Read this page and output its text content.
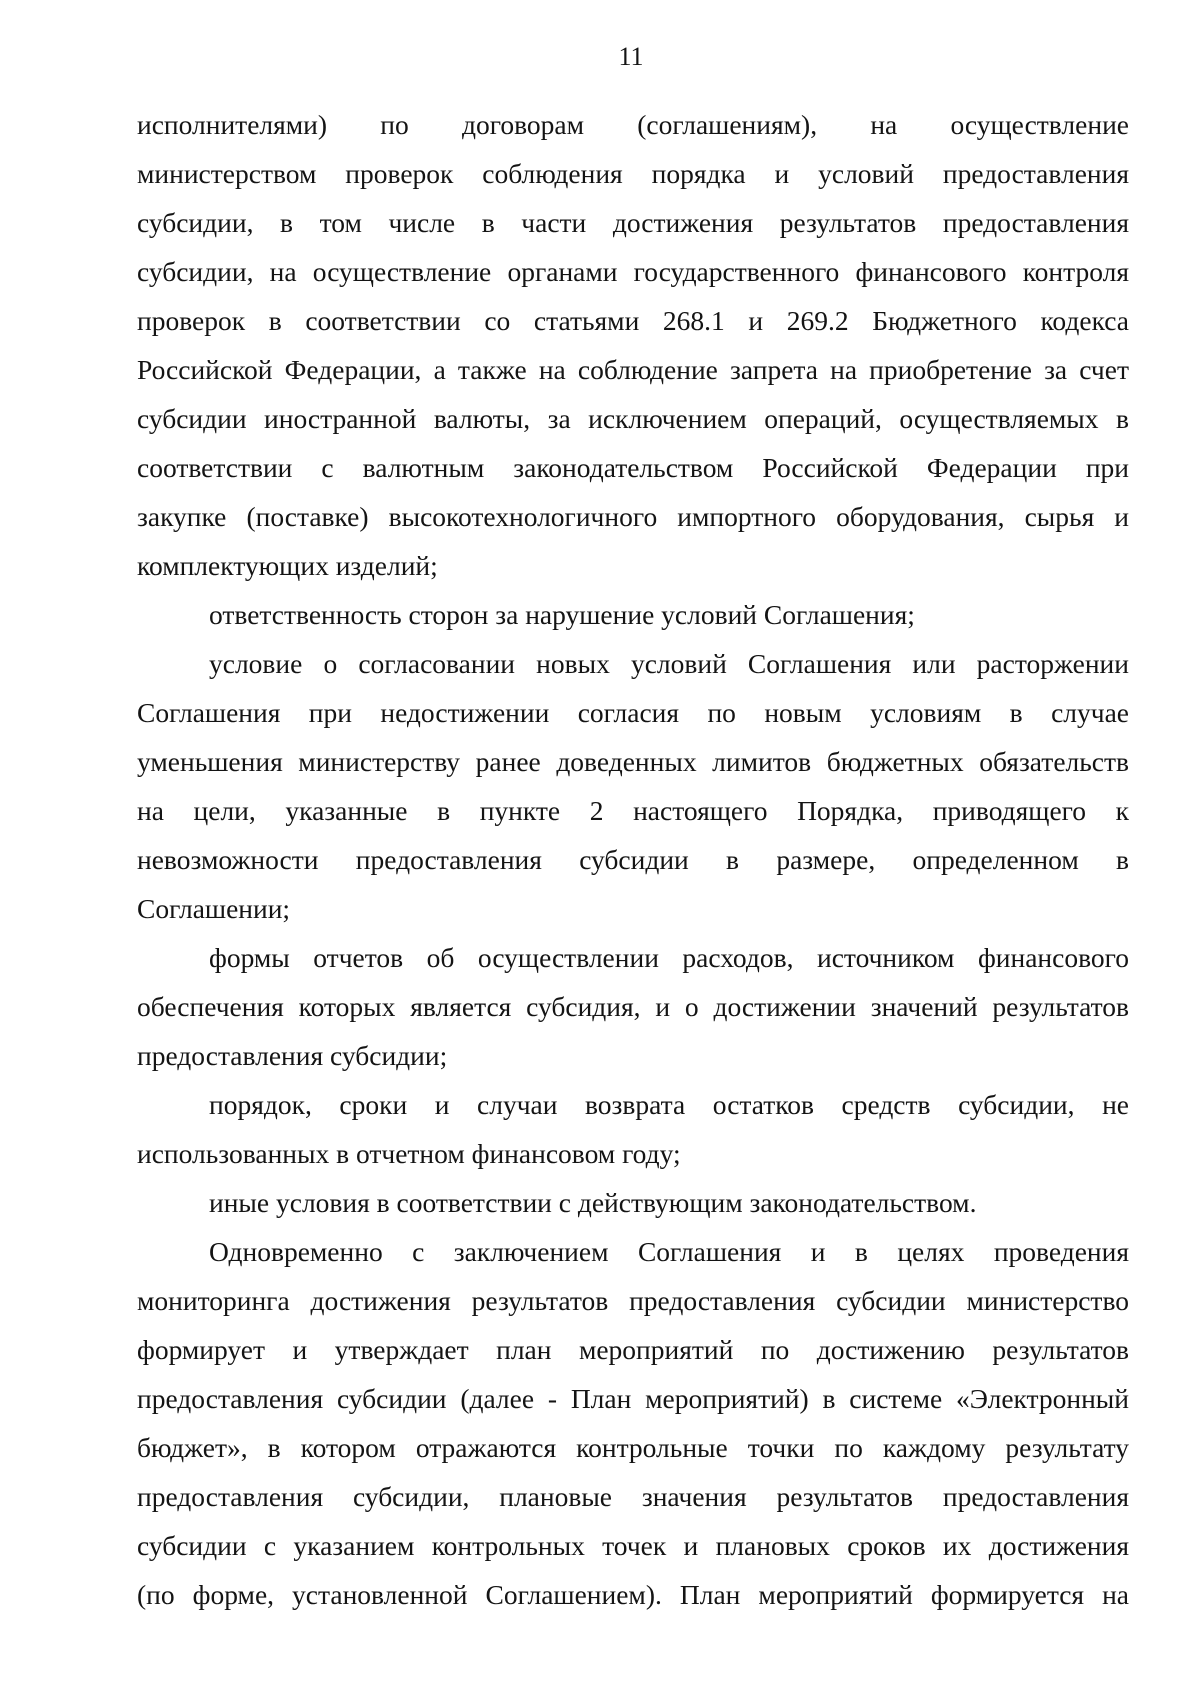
11
исполнителями) по договорам (соглашениям), на осуществление
министерством проверок соблюдения порядка и условий предоставления
субсидии, в том числе в части достижения результатов предоставления
субсидии, на осуществление органами государственного финансового контроля
проверок в соответствии со статьями 268.1 и 269.2 Бюджетного кодекса
Российской Федерации, а также на соблюдение запрета на приобретение за счет
субсидии иностранной валюты, за исключением операций, осуществляемых в
соответствии с валютным законодательством Российской Федерации при
закупке (поставке) высокотехнологичного импортного оборудования, сырья и
комплектующих изделий;
ответственность сторон за нарушение условий Соглашения;
условие о согласовании новых условий Соглашения или расторжении
Соглашения при недостижении согласия по новым условиям в случае
уменьшения министерству ранее доведенных лимитов бюджетных обязательств
на цели, указанные в пункте 2 настоящего Порядка, приводящего к
невозможности предоставления субсидии в размере, определенном в
Соглашении;
формы отчетов об осуществлении расходов, источником финансового
обеспечения которых является субсидия, и о достижении значений результатов
предоставления субсидии;
порядок, сроки и случаи возврата остатков средств субсидии, не
использованных в отчетном финансовом году;
иные условия в соответствии с действующим законодательством.
Одновременно с заключением Соглашения и в целях проведения
мониторинга достижения результатов предоставления субсидии министерство
формирует и утверждает план мероприятий по достижению результатов
предоставления субсидии (далее - План мероприятий) в системе «Электронный
бюджет», в котором отражаются контрольные точки по каждому результату
предоставления субсидии, плановые значения результатов предоставления
субсидии с указанием контрольных точек и плановых сроков их достижения
(по форме, установленной Соглашением). План мероприятий формируется на
